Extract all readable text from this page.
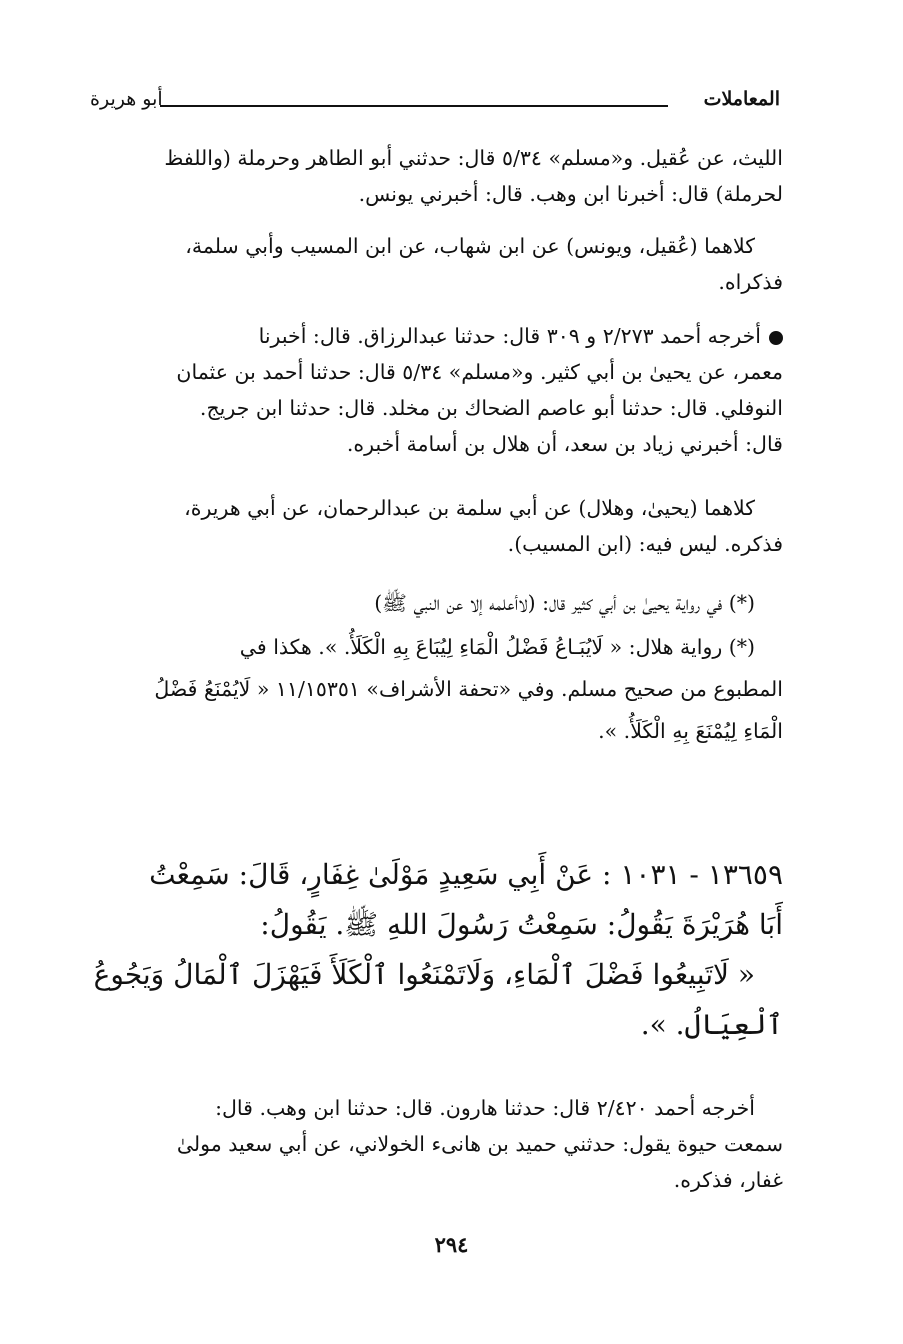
المعاملات
أبو هريرة
الليث، عن عُقيل. و«مسلم» ٥/٣٤ قال: حدثني أبو الطاهر وحرملة (واللفظ
لحرملة) قال: أخبرنا ابن وهب. قال: أخبرني يونس.
كلاهما (عُقيل، ويونس) عن ابن شهاب، عن ابن المسيب وأبي سلمة،
فذكراه.
أخرجه أحمد ٢/٢٧٣ و ٣٠٩ قال: حدثنا عبدالرزاق. قال: أخبرنا
معمر، عن يحيىٰ بن أبي كثير. و«مسلم» ٥/٣٤ قال: حدثنا أحمد بن عثمان
النوفلي. قال: حدثنا أبو عاصم الضحاك بن مخلد. قال: حدثنا ابن جريج.
قال: أخبرني زياد بن سعد، أن هلال بن أسامة أخبره.
كلاهما (يحيىٰ، وهلال) عن أبي سلمة بن عبدالرحمان، عن أبي هريرة،
فذكره. ليس فيه: (ابن المسيب).
(*) في رواية يحيىٰ بن أبي كثير قال: (لاأعلمه إلا عن النبي ﷺ)
(*) رواية هلال: « لَايُبَـاعُ فَضْلُ الْمَاءِ لِيُبَاعَ بِهِ الْكَلَأُ. ». هكذا في
المطبوع من صحيح مسلم. وفي «تحفة الأشراف» ١١/١٥٣٥١ « لَايُمْنَعُ فَضْلُ
الْمَاءِ لِيُمْنَعَ بِهِ الْكَلَأُ. ».
١٣٦٥٩ - ١٠٣١ : عَنْ أَبِي سَعِيدٍ مَوْلَىٰ غِفَارٍ، قَالَ: سَمِعْتُ
أَبَا هُرَيْرَةَ يَقُولُ: سَمِعْتُ رَسُولَ اللهِ ﷺ. يَقُولُ:
« لَاتَبِيعُوا فَضْلَ ٱلْمَاءِ، وَلَاتَمْنَعُوا ٱلْكَلَأَ فَيَهْزَلَ ٱلْمَالُ وَيَجُوعُ
ٱلْعِيَالُ. ».
أخرجه أحمد ٢/٤٢٠ قال: حدثنا هارون. قال: حدثنا ابن وهب. قال:
سمعت حيوة يقول: حدثني حميد بن هانىء الخولاني، عن أبي سعيد مولىٰ
غفار، فذكره.
٢٩٤
